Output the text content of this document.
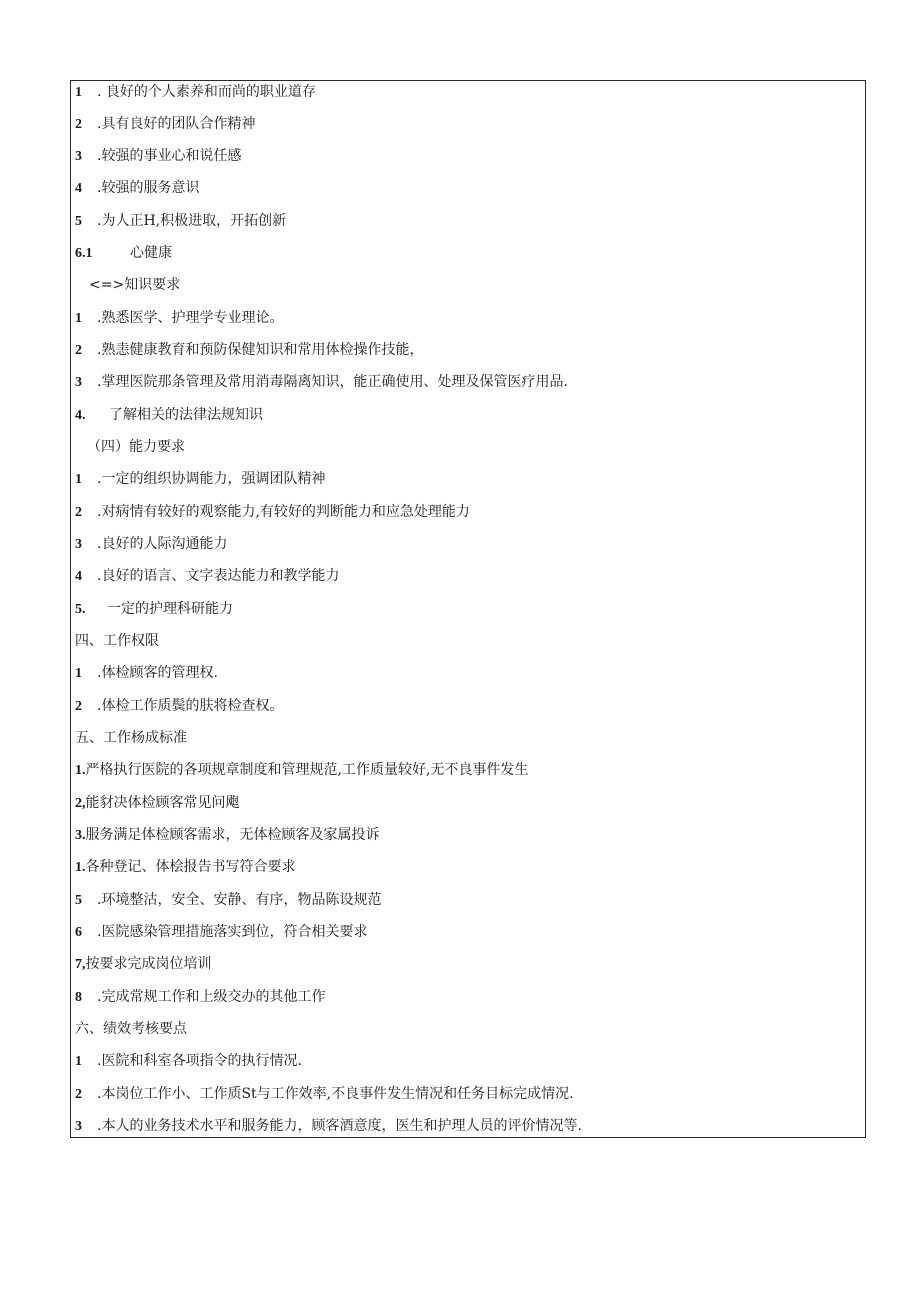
1 . 良好的个人素养和而尚的职业道存
2 .具有良好的团队合作精神
3 .较强的事业心和说任感
4 .较强的服务意识
5 .为人正H,积极进取，开拓创新
6.1	心健康
<=>知识要求
1 .熟悉医学、护理学专业理论。
2 .熟恚健康教育和预防保健知识和常用体检操作技能，
3 .掌理医院那条管理及常用消毒隔离知识，能正确使用、处理及保管医疗用品.
4. 了解相关的法律法规知识
（四）能力要求
1 .一定的组织协调能力，强调团队精神
2 .对病情有较好的观察能力,有较好的判断能力和应急处理能力
3 .良好的人际沟通能力
4 .良好的语言、文字表达能力和教学能力
5. 一定的护理科研能力
四、工作权限
1 .体检顾客的管理权.
2 .体检工作质鬓的肤将检查权。
五、工作杨成标准
1.严格执行医院的各项规章制度和管理规范,工作质量较好,无不良事件发生
2,能豺决体检顾客常见问飑
3.服务满足体检顾客需求，无体检顾客及家属投诉
1.各种登记、体桧报告书写符合要求
5 .环境整沽，安全、安静、有序，物品陈设规范
6 .医院感染管理措施落实到位，符合相关要求
7,按要求完成岗位培训
8 .完成常规工作和上级交办的其他工作
六、绩效考核要点
1 .医院和科室各项指令的执行情况.
2 .本岗位工作小、工作质St与工作效率,不良事件发生情况和任务目标完成情况.
3 .本人的业务技术水平和服务能力，顾客酒意度，医生和护理人员的评价情况等.
